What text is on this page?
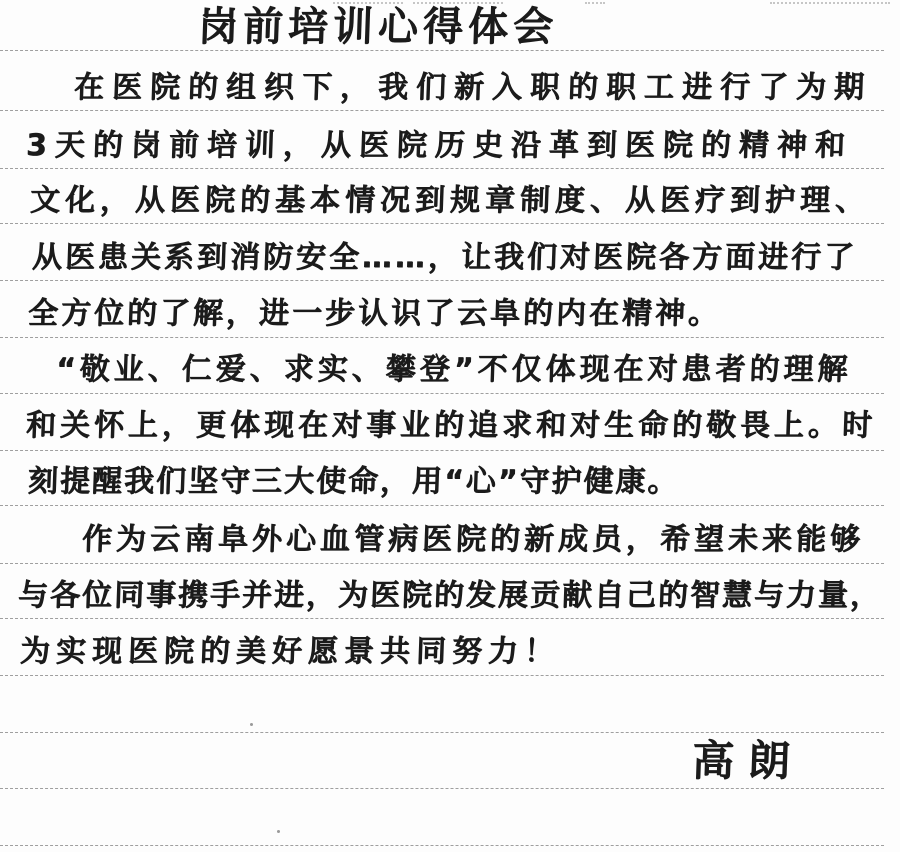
岗前培训心得体会
在医院的组织下，我们新入职的职工进行了为期
3天的岗前培训，从医院历史沿革到医院的精神和
文化，从医院的基本情况到规章制度、从医疗到护理、
从医患关系到消防安全……，让我们对医院各方面进行了
全方位的了解，进一步认识了云阜的内在精神。
“敬业、仁爱、求实、攀登”不仅体现在对患者的理解
和关怀上，更体现在对事业的追求和对生命的敬畏上。时
刻提醒我们坚守三大使命，用“心”守护健康。
作为云南阜外心血管病医院的新成员，希望未来能够
与各位同事携手并进，为医院的发展贡献自己的智慧与力量，
为实现医院的美好愿景共同努力！
高朗
